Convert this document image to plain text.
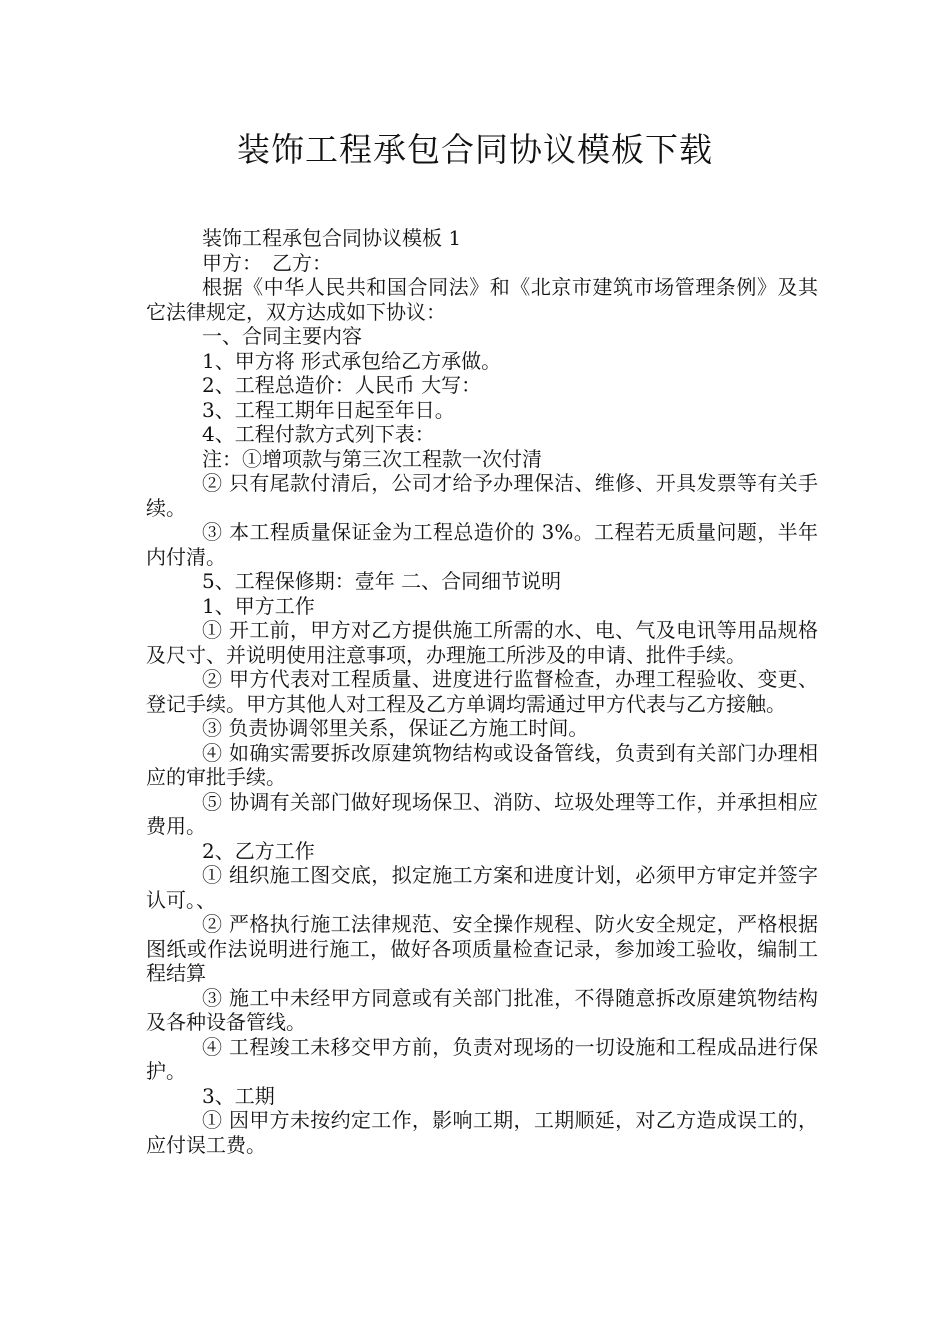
装饰工程承包合同协议模板下载

装饰工程承包合同协议模板 1

甲方：　乙方：

根据《中华人民共和国合同法》和《北京市建筑市场管理条例》及其它法律规定，双方达成如下协议：

一、合同主要内容

1、甲方将 形式承包给乙方承做。

2、工程总造价：人民币 大写：

3、工程工期年日起至年日。

4、工程付款方式列下表：

注：①增项款与第三次工程款一次付清

② 只有尾款付清后，公司才给予办理保洁、维修、开具发票等有关手续。

③ 本工程质量保证金为工程总造价的 3%。工程若无质量问题，半年内付清。

5、工程保修期：壹年 二、合同细节说明

1、甲方工作

① 开工前，甲方对乙方提供施工所需的水、电、气及电讯等用品规格及尺寸、并说明使用注意事项，办理施工所涉及的申请、批件手续。

② 甲方代表对工程质量、进度进行监督检查，办理工程验收、变更、登记手续。甲方其他人对工程及乙方单调均需通过甲方代表与乙方接触。

③ 负责协调邻里关系，保证乙方施工时间。

④ 如确实需要拆改原建筑物结构或设备管线，负责到有关部门办理相应的审批手续。

⑤ 协调有关部门做好现场保卫、消防、垃圾处理等工作，并承担相应费用。

2、乙方工作

① 组织施工图交底，拟定施工方案和进度计划，必须甲方审定并签字认可。、

② 严格执行施工法律规范、安全操作规程、防火安全规定，严格根据图纸或作法说明进行施工，做好各项质量检查记录，参加竣工验收，编制工程结算

③ 施工中未经甲方同意或有关部门批准，不得随意拆改原建筑物结构及各种设备管线。

④ 工程竣工未移交甲方前，负责对现场的一切设施和工程成品进行保护。

3、工期

① 因甲方未按约定工作，影响工期，工期顺延，对乙方造成误工的，应付误工费。
